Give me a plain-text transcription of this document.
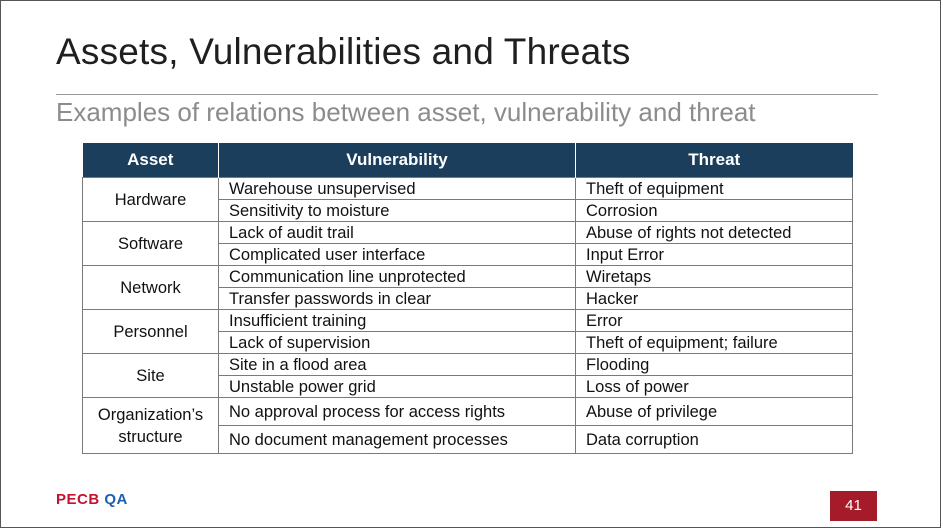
Assets, Vulnerabilities and Threats
Examples of relations between asset, vulnerability and threat
Asset	Vulnerability	Threat
Hardware	Warehouse unsupervised	Theft of equipment
	Sensitivity to moisture	Corrosion
Software	Lack of audit trail	Abuse of rights not detected
	Complicated user interface	Input Error
Network	Communication line unprotected	Wiretaps
	Transfer passwords in clear	Hacker
Personnel	Insufficient training	Error
	Lack of supervision	Theft of equipment; failure
Site	Site in a flood area	Flooding
	Unstable power grid	Loss of power
Organization’s structure	No approval process for access rights	Abuse of privilege
	No document management processes	Data corruption
PECB QA	41
